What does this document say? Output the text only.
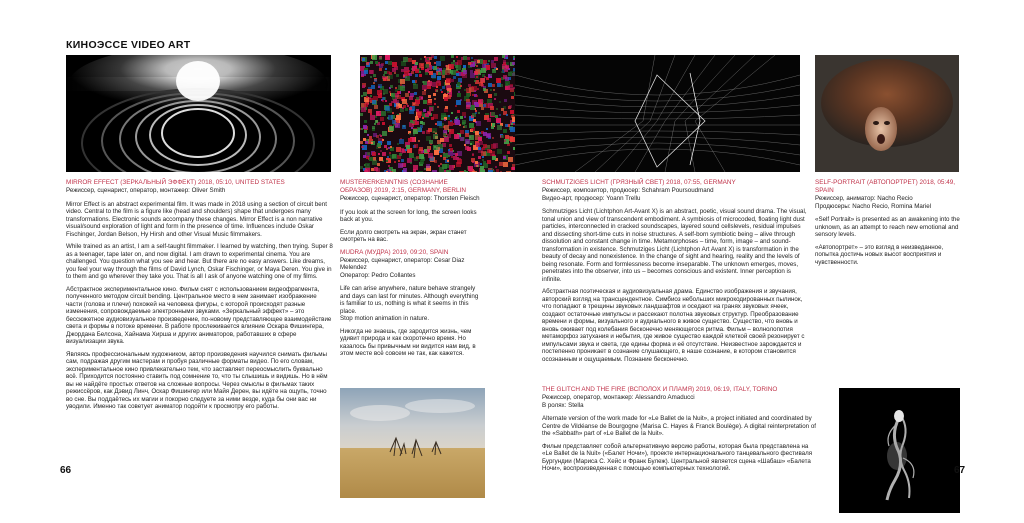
КИНОЭССЕ VIDEO ART
MIRROR EFFECT (ЗЕРКАЛЬНЫЙ ЭФФЕКТ) 2018, 05:10, UNITED STATES
Режиссер, сценарист, оператор, монтажер: Oliver Smith

Mirror Effect is an abstract experimental film. It was made in 2018 using a section of circuit bent video. Central to the film is a figure like (head and shoulders) shape that undergoes many transformations. Electronic sounds accompany these changes. Mirror Effect is a non narrative visual/sound exploration of light and form in the presence of time. Influences include Oskar Fischinger, Jordan Belson, Hy Hirsh and other Visual Music filmmakers.

While trained as an artist, I am a self-taught filmmaker. I learned by watching, then trying. Super 8 as a teenager, tape later on, and now digital. I am drawn to experimental cinema. You are challenged. You question what you see and hear. But there are no easy answers. Like dreams, you feel your way through the films of David Lynch, Oskar Fischinger, or Maya Deren. You give in to them and go wherever they take you. That is all I ask of anyone watching one of my films.

Абстрактное экспериментальное кино. Фильм снят с использованием видеофрагмента, полученного методом circuit bending. Центральное место в нем занимает изображение части (головa и плечи) похожей на человека фигуры, с которой происходят разные изменения, сопровождаемые электронными звуками. «Зеркальный эффект» – это бессюжетное аудиовизуальное произведение, по-новому представляющее взаимодействие света и формы в потоке времени. В работе прослеживается влияние Оскара Фишингера, Джордана Белсона, Хайнама Хирша и других аниматоров, работавших в сфере визуализации звука.

Являясь профессиональным художником, автор произведения научился снимать фильмы сам, подражая другим мастерам и пробуя различные форматы видео. По его словам, экспериментальное кино привлекательно тем, что заставляет переосмыслить буквально всё. Приходится постоянно ставить под сомнение то, что ты слышишь и видишь. Но в нём вы не найдёте простых ответов на сложные вопросы. Через смыслы в фильмах таких режиссёров, как Дэвид Линч, Оскар Фишингер или Майя Дерен, вы идёте на ощупь, точно во сне. Вы поддаётесь их магии и покорно следуете за ними везде, куда бы они вас ни уводили. Именно так советует аниматор подойти к просмотру его работы.

MUSTERERKENNTNIS (СОЗНАНИЕ ОБРАЗОВ) 2019, 2:15, GERMANY, BERLIN
Режиссер, сценарист, оператор: Thorsten Fleisch

If you look at the screen for long, the screen looks back at you.

Если долго смотреть на экран, экран станет смотреть на вас.

MUDRA (МУДРА) 2019, 09:20, SPAIN
Режиссер, сценарист, оператор: Cesar Diaz Melendez
Оператор: Pedro Collantes

Life can arise anywhere, nature behave strangely and days can last for minutes. Although everything is familiar to us, nothing is what it seems in this place.

Stop motion animation in nature.

Никогда не знаешь, где зародится жизнь, чем удивит природа и как скоротечно время. Но казалось бы привычным ни видится нам вид, в этом месте всё совсем не так, как кажется.

SCHMUTZIGES LICHT (ГРЯЗНЫЙ СВЕТ) 2018, 07:55, GERMANY
Режиссер, композитор, продюсер: Schahram Poursoudmand
Видео-арт, продюсер: Yoann Trellu

Schmutziges Licht (Lichtphon Art-Avant X) is an abstract, poetic, visual sound drama. The visual, tonal union and view of transcendent embodiment. A symbiosis of microcoded, floating light dust particles, interconnected in cracked soundscapes, layered sound cellslevels, residual impulses and dissecting short-time cuts in noise structures. A self-born symbiotic being – alive through dissolution and constant change in time. Metamorphoses – time, form, image – and sound-transformation in existence. Schmutziges Licht (Lichtphon Art Avant X) is transformation in the beauty of decay and nonexistence. In the change of sight and hearing, reality and the levels of being resonate. Form and formlessness become inseparable. The unknown emerges, moves, penetrates into the observer, into us – becomes conscious and existent. Inner perception is infinite.

Абстрактная поэтическая и аудиовизуальная драма. Единство изображения и звучания, авторский взгляд на трансцендентное. Симбиоз небольших микрокодированных пылинок, что попадают в трещины звуковых ландшафтов и оседают на гранях звуковых ячеек, создают остаточные импульсы и рассекают полотна звуковых структур. Преобразование времени и формы, визуального и аудиального в живое существо. Существо, что вновь и вновь оживает под колебания бесконечно меняющегося ритма. Фильм – волнолопотия метаморфоз затухания и небытия, где живое существо каждой клеткой своей резонирует с импульсами звука и света, где едины форма и её отсутствие. Неизвестное зарождается и постепенно проникает в сознание слушающего, в наше сознание, в котором становится осознанным и ощущаемым. Познание бесконечно.

THE GLITCH AND THE FIRE (ВСПОЛОХ И ПЛАМЯ) 2019, 06:19, ITALY, TORINO
Режиссер, оператор, монтажер: Alessandro Amaducci
В ролях: Stella

Alternate version of the work made for «Le Ballet de la Nuit», a project initiated and coordinated by Centre de Vildéanse de Bourgogne (Marisa C. Hayes & Franck Boulège). A digital reinterpretation of the «Sabbath» part of «Le Ballet de la Nuit».

Фильм представляет собой альтернативную версию работы, которая была представлена на «Le Ballet de la Nuit» («Балет Ночи»), проекте интернационального танцевального фестиваля Бургундии (Мариса С. Хейс и Франк Булеж). Центральной является сцена «Шабаш» «Балета Ночи», воспроизведенная с помощью компьютерных технологий.

SELF-PORTRAIT (АВТОПОРТРЕТ) 2018, 05:49, SPAIN
Режиссер, аниматор: Nacho Recio
Продюсеры: Nacho Recio, Romina Mariel

«Self Portrait» is presented as an awakening into the unknown, as an attempt to reach new emotional and sensory levels.

«Автопортрет» – это взгляд в неизведанное, попытка достичь новых высот восприятия и чувственности.

66	67
